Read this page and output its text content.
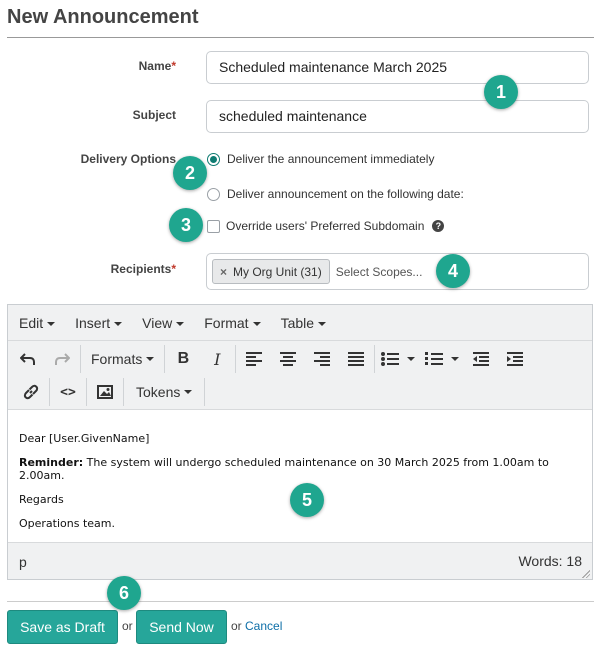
New Announcement
Name*	Scheduled maintenance March 2025
Subject	scheduled maintenance
Delivery Options	Deliver the announcement immediately
Deliver announcement on the following date:
Override users' Preferred Subdomain	?
Recipients*	× My Org Unit (31) Select Scopes...
Edit	Insert	View	Format	Table
Formats	B	I
<>	Tokens

Dear [User.GivenName]

Reminder: The system will undergo scheduled maintenance on 30 March 2025 from 1.00am to 2.00am.

Regards

Operations team.

p	Words: 18
Save as Draft	or	Send Now	or Cancel
1
2
3
4
5
6
